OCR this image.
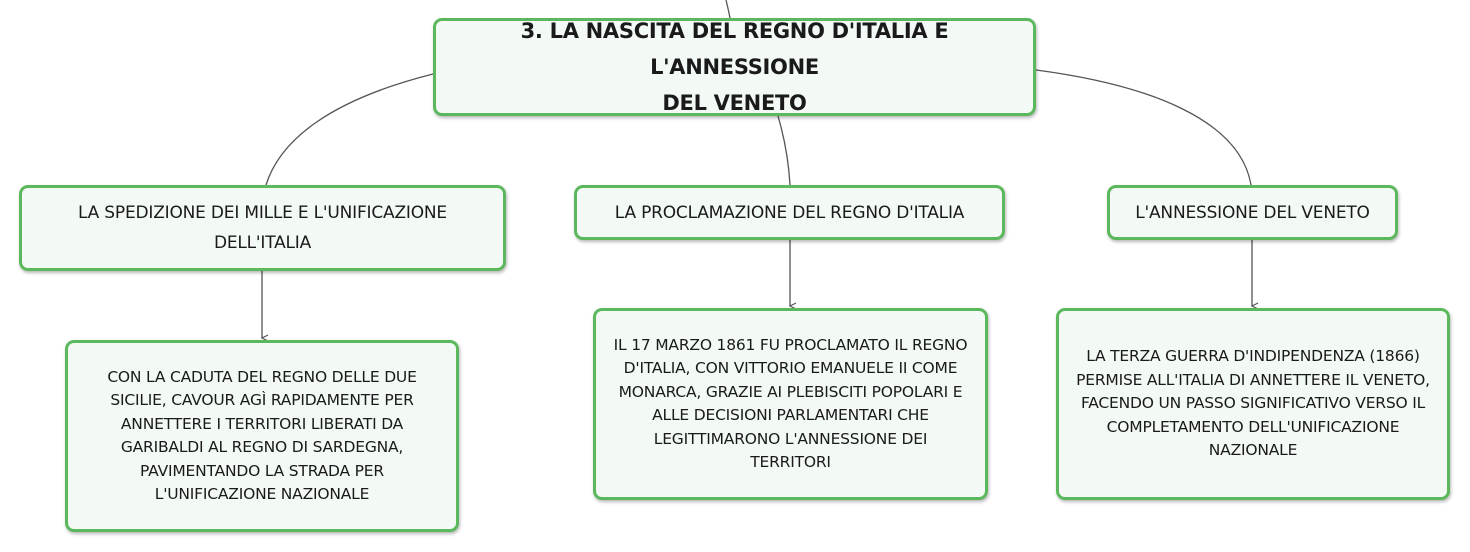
3. LA NASCITA DEL REGNO D'ITALIA E L'ANNESSIONE
DEL VENETO
LA SPEDIZIONE DEI MILLE E L'UNIFICAZIONE
DELL'ITALIA
LA PROCLAMAZIONE DEL REGNO D'ITALIA	L'ANNESSIONE DEL VENETO
CON LA CADUTA DEL REGNO DELLE DUE
SICILIE, CAVOUR AGÌ RAPIDAMENTE PER
ANNETTERE I TERRITORI LIBERATI DA
GARIBALDI AL REGNO DI SARDEGNA,
PAVIMENTANDO LA STRADA PER
L'UNIFICAZIONE NAZIONALE
IL 17 MARZO 1861 FU PROCLAMATO IL REGNO
D'ITALIA, CON VITTORIO EMANUELE II COME
MONARCA, GRAZIE AI PLEBISCITI POPOLARI E
ALLE DECISIONI PARLAMENTARI CHE
LEGITTIMARONO L'ANNESSIONE DEI
TERRITORI
LA TERZA GUERRA D'INDIPENDENZA (1866)
PERMISE ALL'ITALIA DI ANNETTERE IL VENETO,
FACENDO UN PASSO SIGNIFICATIVO VERSO IL
COMPLETAMENTO DELL'UNIFICAZIONE
NAZIONALE
